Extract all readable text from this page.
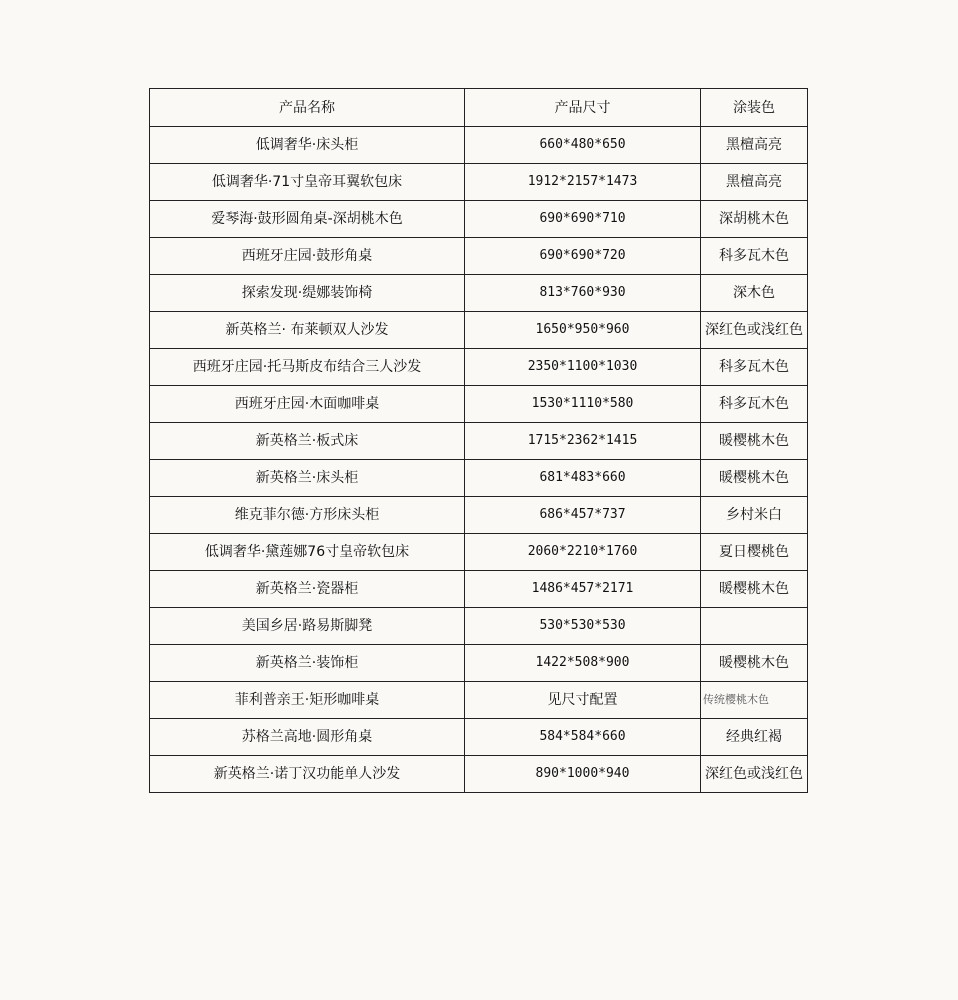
产品名称	产品尺寸	涂装色
低调奢华·床头柜	660*480*650	黑檀高亮
低调奢华·71寸皇帝耳翼软包床	1912*2157*1473	黑檀高亮
爱琴海·鼓形圆角桌-深胡桃木色	690*690*710	深胡桃木色
西班牙庄园·鼓形角桌	690*690*720	科多瓦木色
探索发现·缇娜装饰椅	813*760*930	深木色
新英格兰· 布莱顿双人沙发	1650*950*960	深红色或浅红色
西班牙庄园·托马斯皮布结合三人沙发	2350*1100*1030	科多瓦木色
西班牙庄园·木面咖啡桌	1530*1110*580	科多瓦木色
新英格兰·板式床	1715*2362*1415	暖樱桃木色
新英格兰·床头柜	681*483*660	暖樱桃木色
维克菲尔德·方形床头柜	686*457*737	乡村米白
低调奢华·黛莲娜76寸皇帝软包床	2060*2210*1760	夏日樱桃色
新英格兰·瓷器柜	1486*457*2171	暖樱桃木色
美国乡居·路易斯脚凳	530*530*530	
新英格兰·装饰柜	1422*508*900	暖樱桃木色
菲利普亲王·矩形咖啡桌	见尺寸配置	传统樱桃木色
苏格兰高地·圆形角桌	584*584*660	经典红褐
新英格兰·诺丁汉功能单人沙发	890*1000*940	深红色或浅红色
